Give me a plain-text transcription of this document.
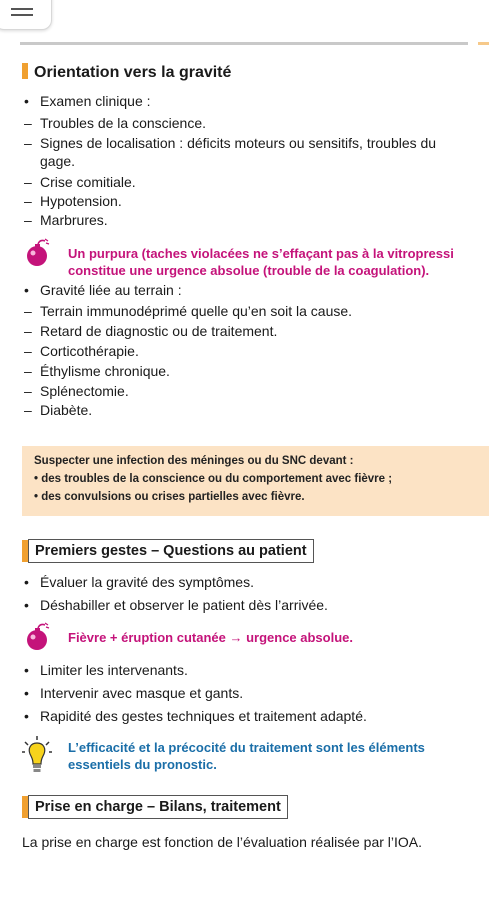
Orientation vers la gravité
• Examen clinique :
– Troubles de la conscience.
– Signes de localisation : déficits moteurs ou sensitifs, troubles du
gage.
– Crise comitiale.
– Hypotension.
– Marbrures.
Un purpura (taches violacées ne s’effaçant pas à la vitropressi
constitue une urgence absolue (trouble de la coagulation).
• Gravité liée au terrain :
– Terrain immunodéprimé quelle qu’en soit la cause.
– Retard de diagnostic ou de traitement.
– Corticothérapie.
– Éthylisme chronique.
– Splénectomie.
– Diabète.
Suspecter une infection des méninges ou du SNC devant :
• des troubles de la conscience ou du comportement avec fièvre ;
• des convulsions ou crises partielles avec fièvre.
Premiers gestes – Questions au patient
• Évaluer la gravité des symptômes.
• Déshabiller et observer le patient dès l’arrivée.
Fièvre + éruption cutanée → urgence absolue.
• Limiter les intervenants.
• Intervenir avec masque et gants.
• Rapidité des gestes techniques et traitement adapté.
L’efficacité et la précocité du traitement sont les éléments
essentiels du pronostic.
Prise en charge – Bilans, traitement
La prise en charge est fonction de l’évaluation réalisée par l’IOA.
